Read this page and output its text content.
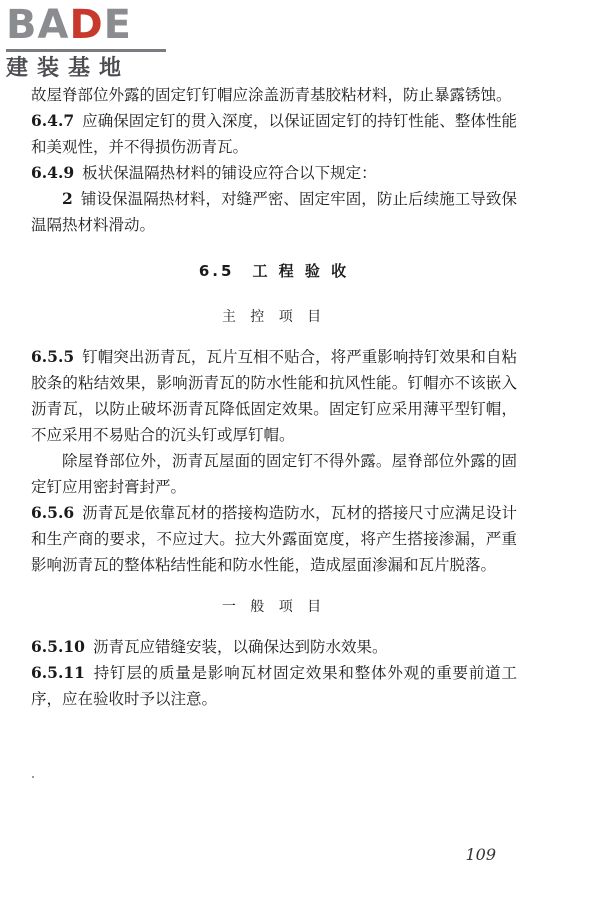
BADE
建装基地

故屋脊部位外露的固定钉钉帽应涂盖沥青基胶粘材料，防止暴露锈蚀。

6.4.7 应确保固定钉的贯入深度，以保证固定钉的持钉性能、整体性能和美观性，并不得损伤沥青瓦。

6.4.9 板状保温隔热材料的铺设应符合以下规定：

2 铺设保温隔热材料，对缝严密、固定牢固，防止后续施工导致保温隔热材料滑动。

6.5　工 程 验 收
主 控 项 目

6.5.5 钉帽突出沥青瓦，瓦片互相不贴合，将严重影响持钉效果和自粘胶条的粘结效果，影响沥青瓦的防水性能和抗风性能。钉帽亦不该嵌入沥青瓦，以防止破坏沥青瓦降低固定效果。固定钉应采用薄平型钉帽，不应采用不易贴合的沉头钉或厚钉帽。

除屋脊部位外，沥青瓦屋面的固定钉不得外露。屋脊部位外露的固定钉应用密封膏封严。

6.5.6 沥青瓦是依靠瓦材的搭接构造防水，瓦材的搭接尺寸应满足设计和生产商的要求，不应过大。拉大外露面宽度，将产生搭接渗漏，严重影响沥青瓦的整体粘结性能和防水性能，造成屋面渗漏和瓦片脱落。

一 般 项 目

6.5.10 沥青瓦应错缝安装，以确保达到防水效果。

6.5.11 持钉层的质量是影响瓦材固定效果和整体外观的重要前道工序，应在验收时予以注意。

109
